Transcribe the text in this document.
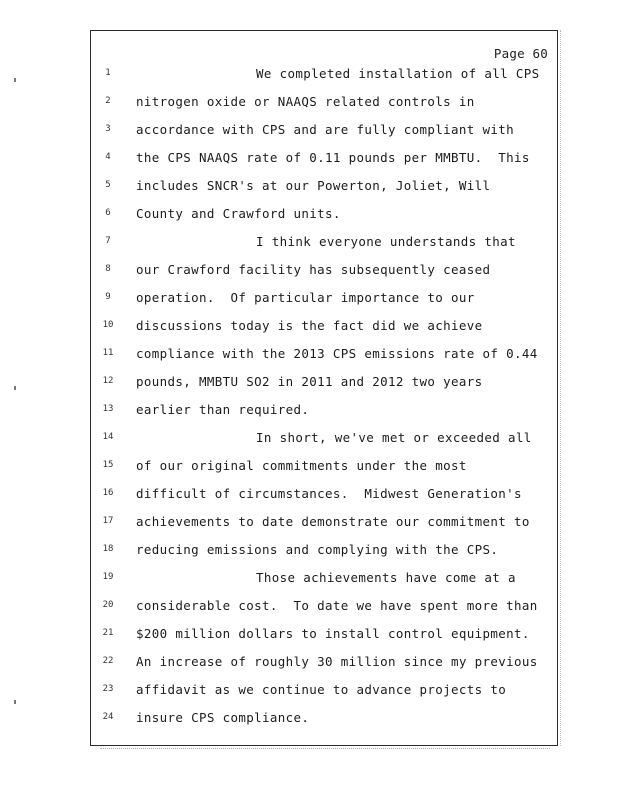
Page 60
1
2
3
4
5
6
7
8
9
10
11
12
13
14
15
16
17
18
19
20
21
22
23
24
We completed installation of all CPS
nitrogen oxide or NAAQS related controls in
accordance with CPS and are fully compliant with
the CPS NAAQS rate of 0.11 pounds per MMBTU.  This
includes SNCR's at our Powerton, Joliet, Will
County and Crawford units.
I think everyone understands that
our Crawford facility has subsequently ceased
operation.  Of particular importance to our
discussions today is the fact did we achieve
compliance with the 2013 CPS emissions rate of 0.44
pounds, MMBTU SO2 in 2011 and 2012 two years
earlier than required.
In short, we've met or exceeded all
of our original commitments under the most
difficult of circumstances.  Midwest Generation's
achievements to date demonstrate our commitment to
reducing emissions and complying with the CPS.
Those achievements have come at a
considerable cost.  To date we have spent more than
$200 million dollars to install control equipment.
An increase of roughly 30 million since my previous
affidavit as we continue to advance projects to
insure CPS compliance.
